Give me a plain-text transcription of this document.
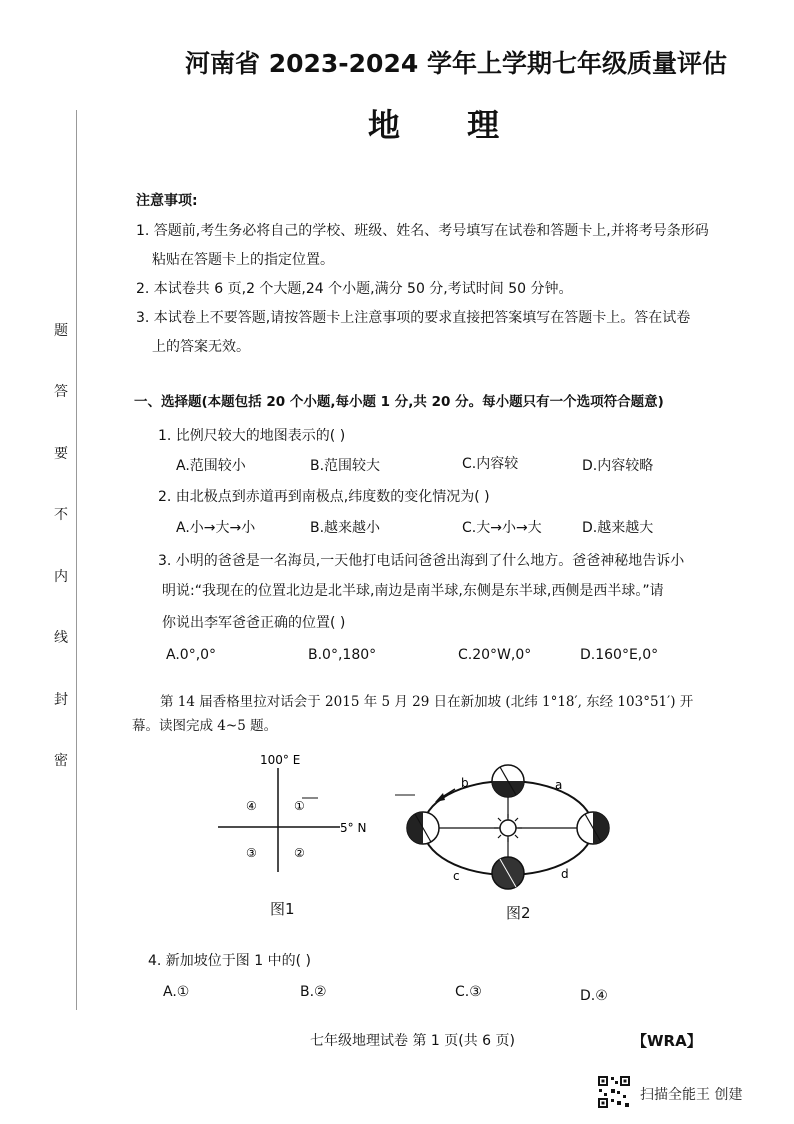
河南省 2023-2024 学年上学期七年级质量评估
地 理
题
答
要
不
内
线
封
密
注意事项:
1. 答题前,考生务必将自己的学校、班级、姓名、考号填写在试卷和答题卡上,并将考号条形码
粘贴在答题卡上的指定位置。
2. 本试卷共 6 页,2 个大题,24 个小题,满分 50 分,考试时间 50 分钟。
3. 本试卷上不要答题,请按答题卡上注意事项的要求直接把答案填写在答题卡上。答在试卷
上的答案无效。
一、选择题(本题包括 20 个小题,每小题 1 分,共 20 分。每小题只有一个选项符合题意)
1. 比例尺较大的地图表示的( )
A.范围较小	B.范围较大	C.内容较	D.内容较略
2. 由北极点到赤道再到南极点,纬度数的变化情况为( )
A.小→大→小	B.越来越小	C.大→小→大	D.越来越大
3. 小明的爸爸是一名海员,一天他打电话问爸爸出海到了什么地方。爸爸神秘地告诉小
明说:“我现在的位置北边是北半球,南边是南半球,东侧是东半球,西侧是西半球。”请
你说出李军爸爸正确的位置( )
A.0°,0°	B.0°,180°	C.20°W,0°	D.160°E,0°
第 14 届香格里拉对话会于 2015 年 5 月 29 日在新加坡 (北纬 1°18′, 东经 103°51′) 开
幕。读图完成 4~5 题。
100° E
5° N
④	①
③	②
图1
b	a
c	d
图2
4. 新加坡位于图 1 中的( )
A.①	B.②	C.③	D.④
七年级地理试卷 第 1 页(共 6 页)	【WRA】
扫描全能王 创建
